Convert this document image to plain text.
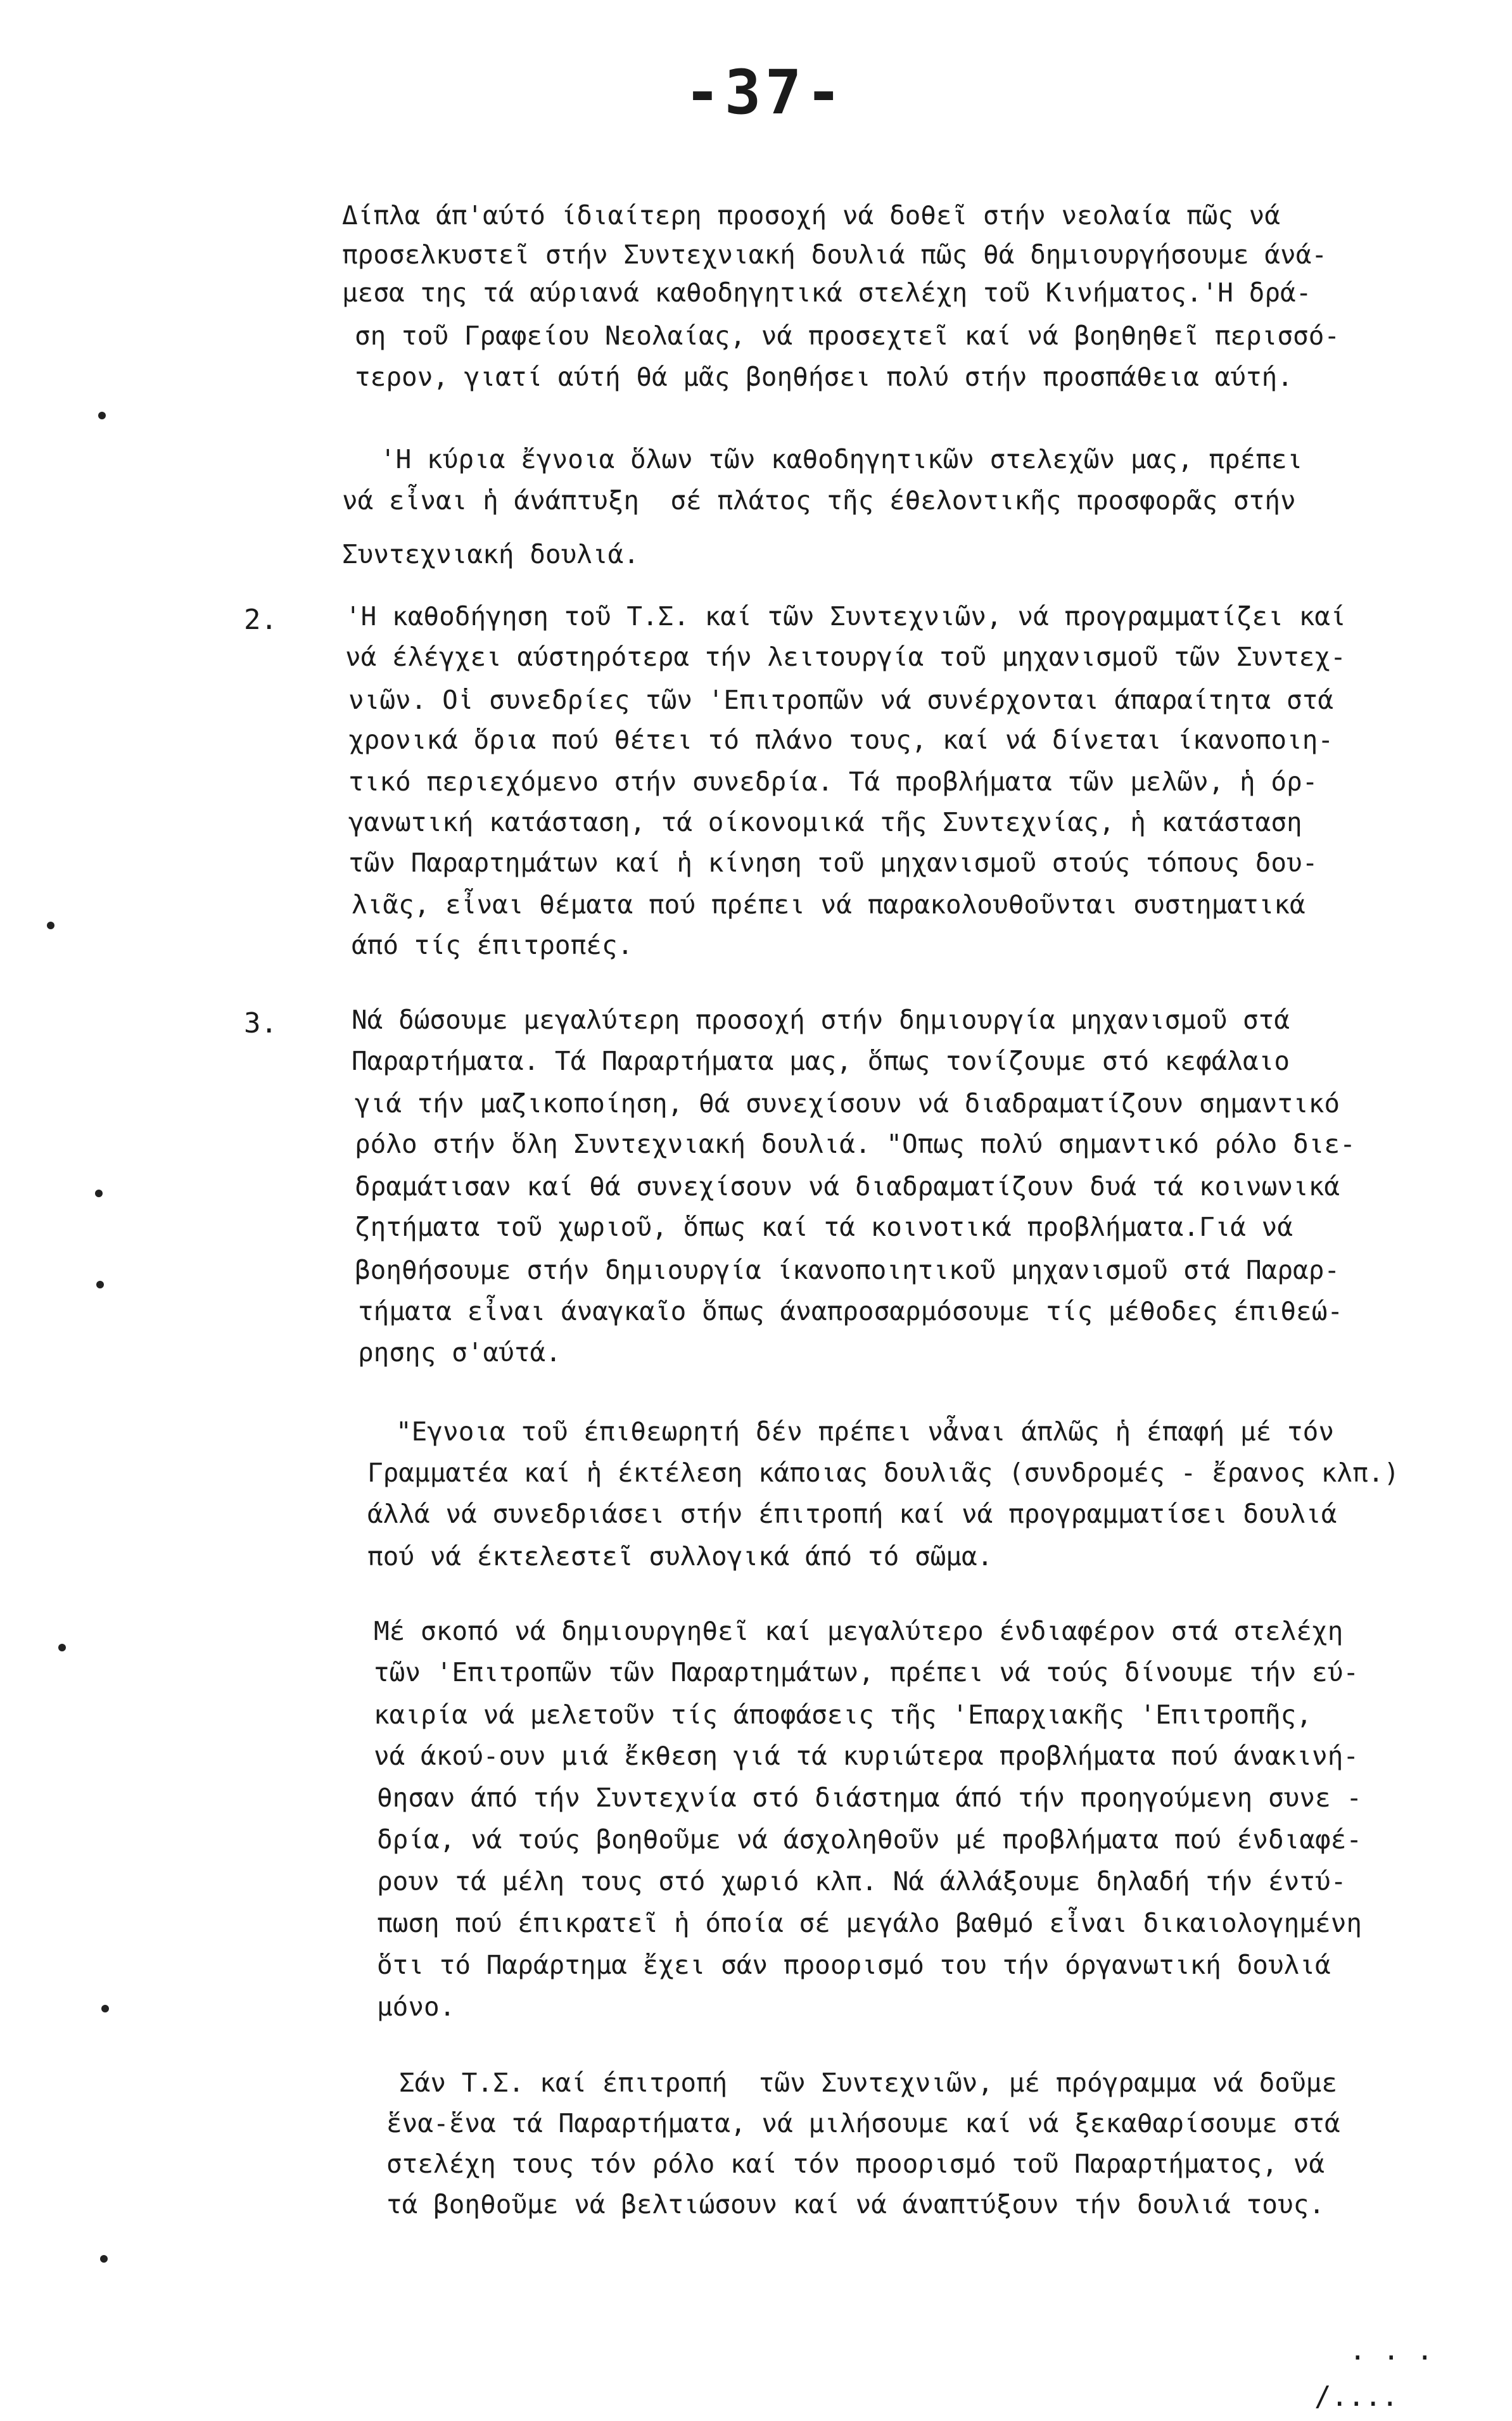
-37-
Δίπλα άπ'αύτό ίδιαίτερη προσοχή νά δοθεῖ στήν νεολαία πῶς νά
προσελκυστεῖ στήν Συντεχνιακή δουλιά πῶς θά δημιουργήσουμε άνά-
μεσα της τά αύριανά καθοδηγητικά στελέχη τοῦ Κινήματος.'Η δρά-
ση τοῦ Γραφείου Νεολαίας, νά προσεχτεῖ καί νά βοηθηθεῖ περισσό-
τερον, γιατί αύτή θά μᾶς βοηθήσει πολύ στήν προσπάθεια αύτή.
'Η κύρια ἔγνοια ὅλων τῶν καθοδηγητικῶν στελεχῶν μας, πρέπει
νά εἶναι ἡ άνάπτυξη  σέ πλάτος τῆς έθελοντικῆς προσφορᾶς στήν
Συντεχνιακή δουλιά.
2.	'Η καθοδήγηση τοῦ Τ.Σ. καί τῶν Συντεχνιῶν, νά προγραμματίζει καί
νά έλέγχει αύστηρότερα τήν λειτουργία τοῦ μηχανισμοῦ τῶν Συντεχ-
νιῶν. Οἱ συνεδρίες τῶν 'Επιτροπῶν νά συνέρχονται άπαραίτητα στά
χρονικά ὅρια πού θέτει τό πλάνο τους, καί νά δίνεται ίκανοποιη-
τικό περιεχόμενο στήν συνεδρία. Τά προβλήματα τῶν μελῶν, ἡ όρ-
γανωτική κατάσταση, τά οίκονομικά τῆς Συντεχνίας, ἡ κατάσταση
τῶν Παραρτημάτων καί ἡ κίνηση τοῦ μηχανισμοῦ στούς τόπους δου-
λιᾶς, εἶναι θέματα πού πρέπει νά παρακολουθοῦνται συστηματικά
άπό τίς έπιτροπές.
3.	Νά δώσουμε μεγαλύτερη προσοχή στήν δημιουργία μηχανισμοῦ στά
Παραρτήματα. Τά Παραρτήματα μας, ὅπως τονίζουμε στό κεφάλαιο
γιά τήν μαζικοποίηση, θά συνεχίσουν νά διαδραματίζουν σημαντικό
ρόλο στήν ὅλη Συντεχνιακή δουλιά. "Οπως πολύ σημαντικό ρόλο διε-
δραμάτισαν καί θά συνεχίσουν νά διαδραματίζουν δυά τά κοινωνικά
ζητήματα τοῦ χωριοῦ, ὅπως καί τά κοινοτικά προβλήματα.Γιά νά
βοηθήσουμε στήν δημιουργία ίκανοποιητικοῦ μηχανισμοῦ στά Παραρ-
τήματα εἶναι άναγκαῖο ὅπως άναπροσαρμόσουμε τίς μέθοδες έπιθεώ-
ρησης σ'αύτά.
"Εγνοια τοῦ έπιθεωρητή δέν πρέπει νἆναι άπλῶς ἡ έπαφή μέ τόν
Γραμματέα καί ἡ έκτέλεση κάποιας δουλιᾶς (συνδρομές - ἔρανος κλπ.)
άλλά νά συνεδριάσει στήν έπιτροπή καί νά προγραμματίσει δουλιά
πού νά έκτελεστεῖ συλλογικά άπό τό σῶμα.
Μέ σκοπό νά δημιουργηθεῖ καί μεγαλύτερο ένδιαφέρον στά στελέχη
τῶν 'Επιτροπῶν τῶν Παραρτημάτων, πρέπει νά τούς δίνουμε τήν εύ-
καιρία νά μελετοῦν τίς άποφάσεις τῆς 'Επαρχιακῆς 'Επιτροπῆς,
νά άκού-ουν μιά ἔκθεση γιά τά κυριώτερα προβλήματα πού άνακινή-
θησαν άπό τήν Συντεχνία στό διάστημα άπό τήν προηγούμενη συνε -
δρία, νά τούς βοηθοῦμε νά άσχοληθοῦν μέ προβλήματα πού ένδιαφέ-
ρουν τά μέλη τους στό χωριό κλπ. Νά άλλάξουμε δηλαδή τήν έντύ-
πωση πού έπικρατεῖ ἡ όποία σέ μεγάλο βαθμό εἶναι δικαιολογημένη
ὅτι τό Παράρτημα ἔχει σάν προορισμό του τήν όργανωτική δουλιά
μόνο.
Σάν Τ.Σ. καί έπιτροπή  τῶν Συντεχνιῶν, μέ πρόγραμμα νά δοῦμε
ἕνα-ἕνα τά Παραρτήματα, νά μιλήσουμε καί νά ξεκαθαρίσουμε στά
στελέχη τους τόν ρόλο καί τόν προορισμό τοῦ Παραρτήματος, νά
τά βοηθοῦμε νά βελτιώσουν καί νά άναπτύξουν τήν δουλιά τους.
. . .
/....
